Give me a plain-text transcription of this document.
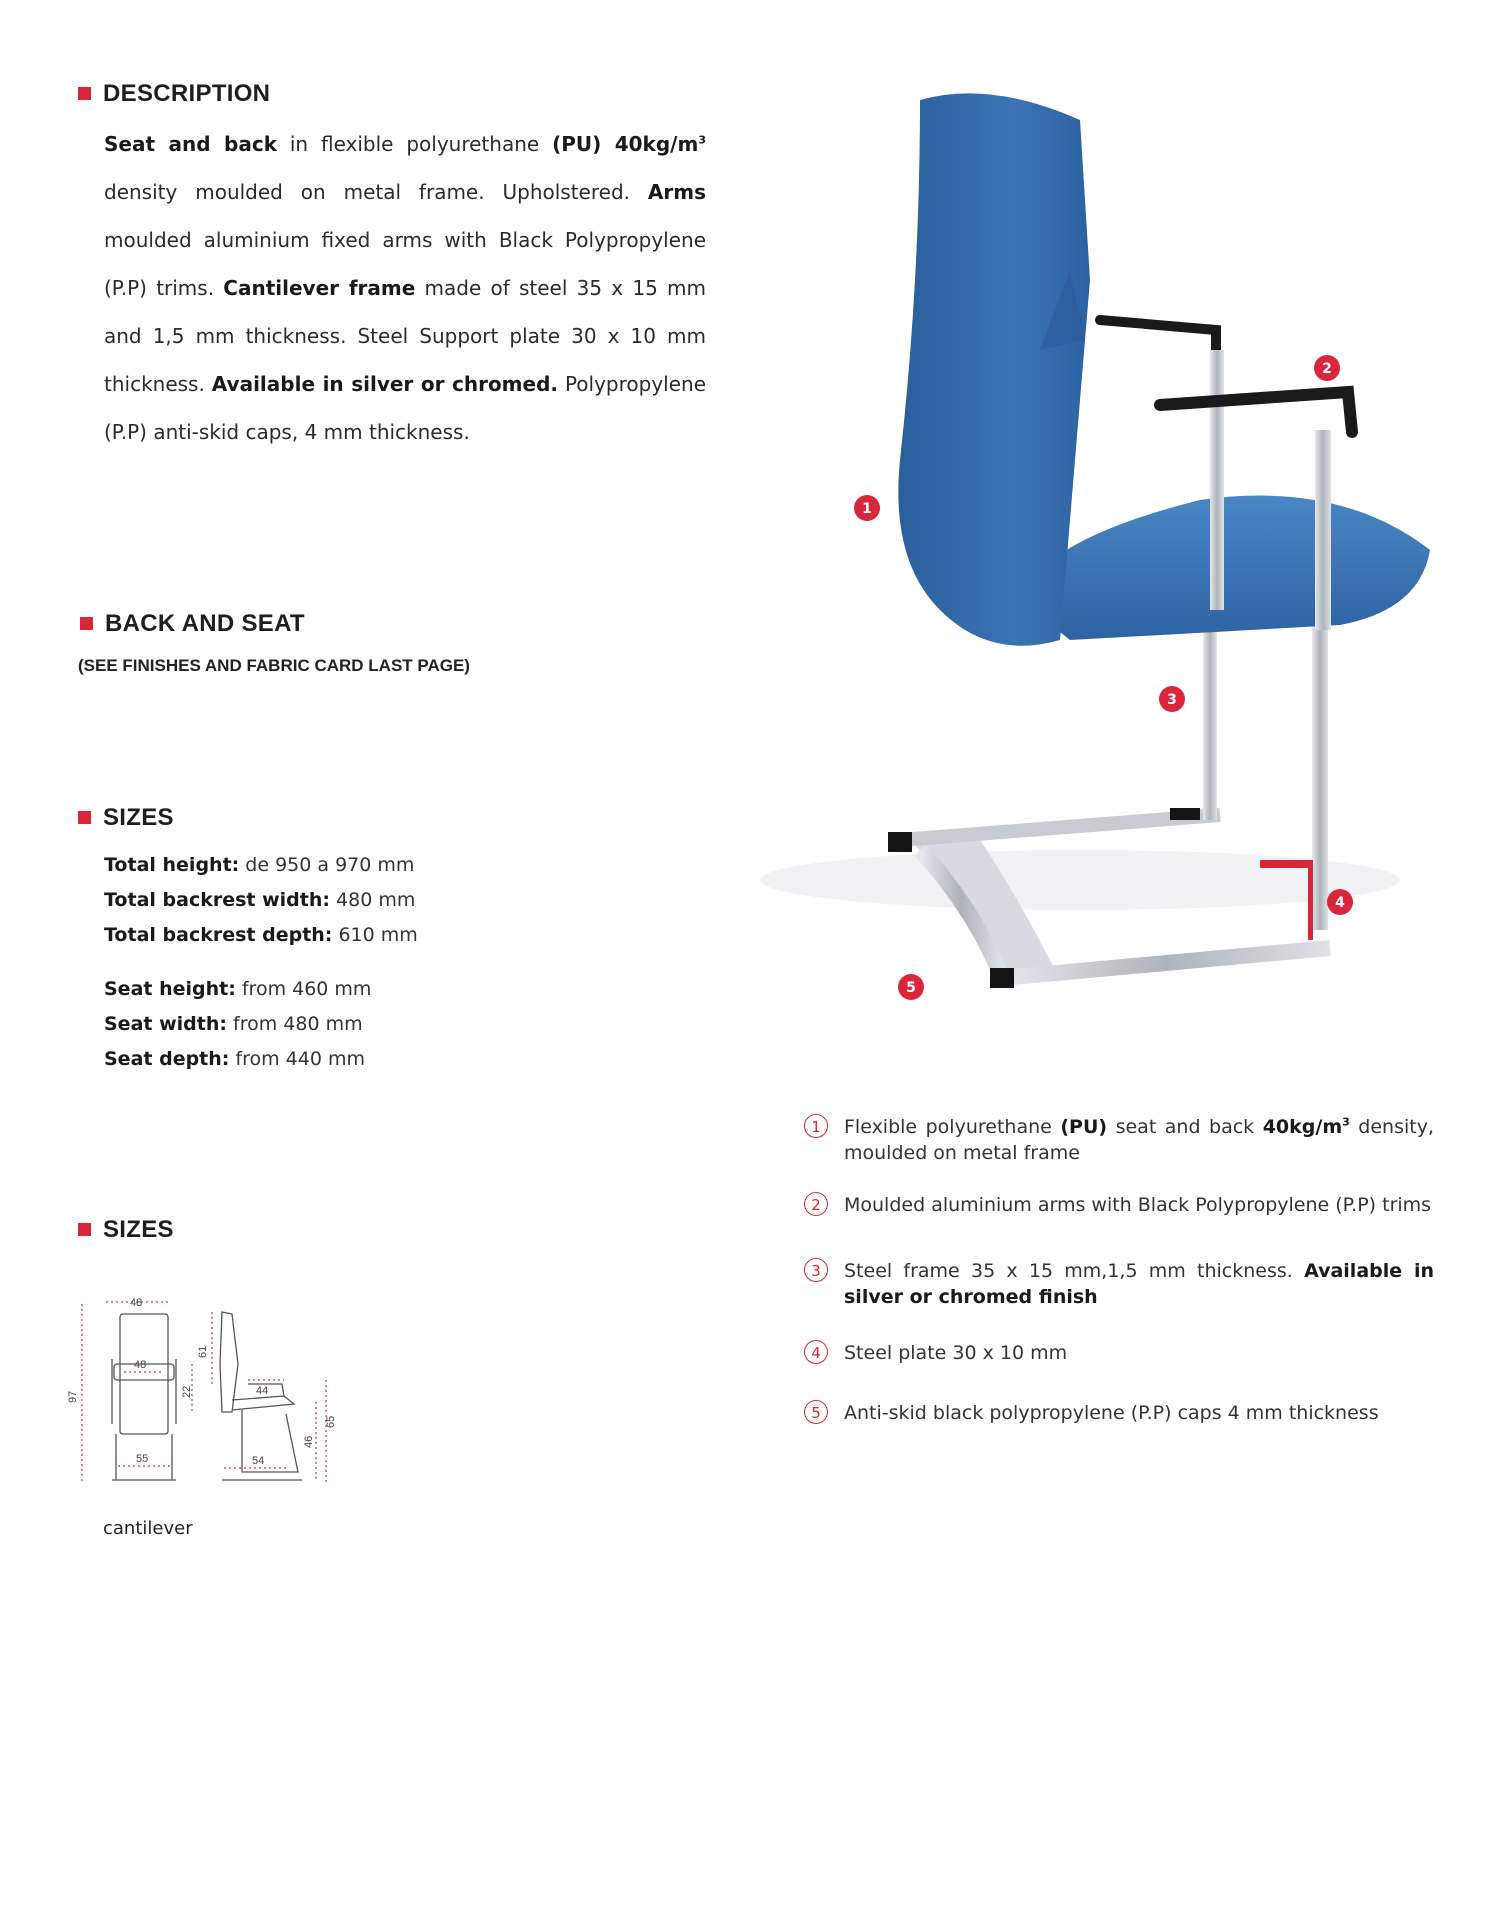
DESCRIPTION
Seat and back in flexible polyurethane (PU) $40kg/m^3$ density moulded on metal frame. Upholstered. Arms moulded aluminium fixed arms with Black Polypropylene (P.P) trims. Cantilever frame made of steel 35 x 15 mm and 1,5 mm thickness. Steel Support plate 30 x 10 mm thickness. Available in silver or chromed. Polypropylene (P.P) anti-skid caps, 4 mm thickness.
BACK AND SEAT
(SEE FINISHES AND FABRIC CARD LAST PAGE)
SIZES
Total height: de 950 a 970 mm
Total backrest width: 480 mm
Total backrest depth: 610 mm
Seat height: from 460 mm
Seat width: from 480 mm
Seat depth: from 440 mm
SIZES
48
48
55
97	22
61
44
54
46
65
cantilever
1
2
3
4
5
1	Flexible polyurethane (PU) seat and back $40kg/m^3$ density, moulded on metal frame
2	Moulded aluminium arms with Black Polypropylene (P.P) trims
3	Steel frame 35 x 15 mm,1,5 mm thickness. Available in silver or chromed finish
4	Steel plate 30 x 10 mm
5	Anti-skid black polypropylene (P.P) caps 4 mm thickness
